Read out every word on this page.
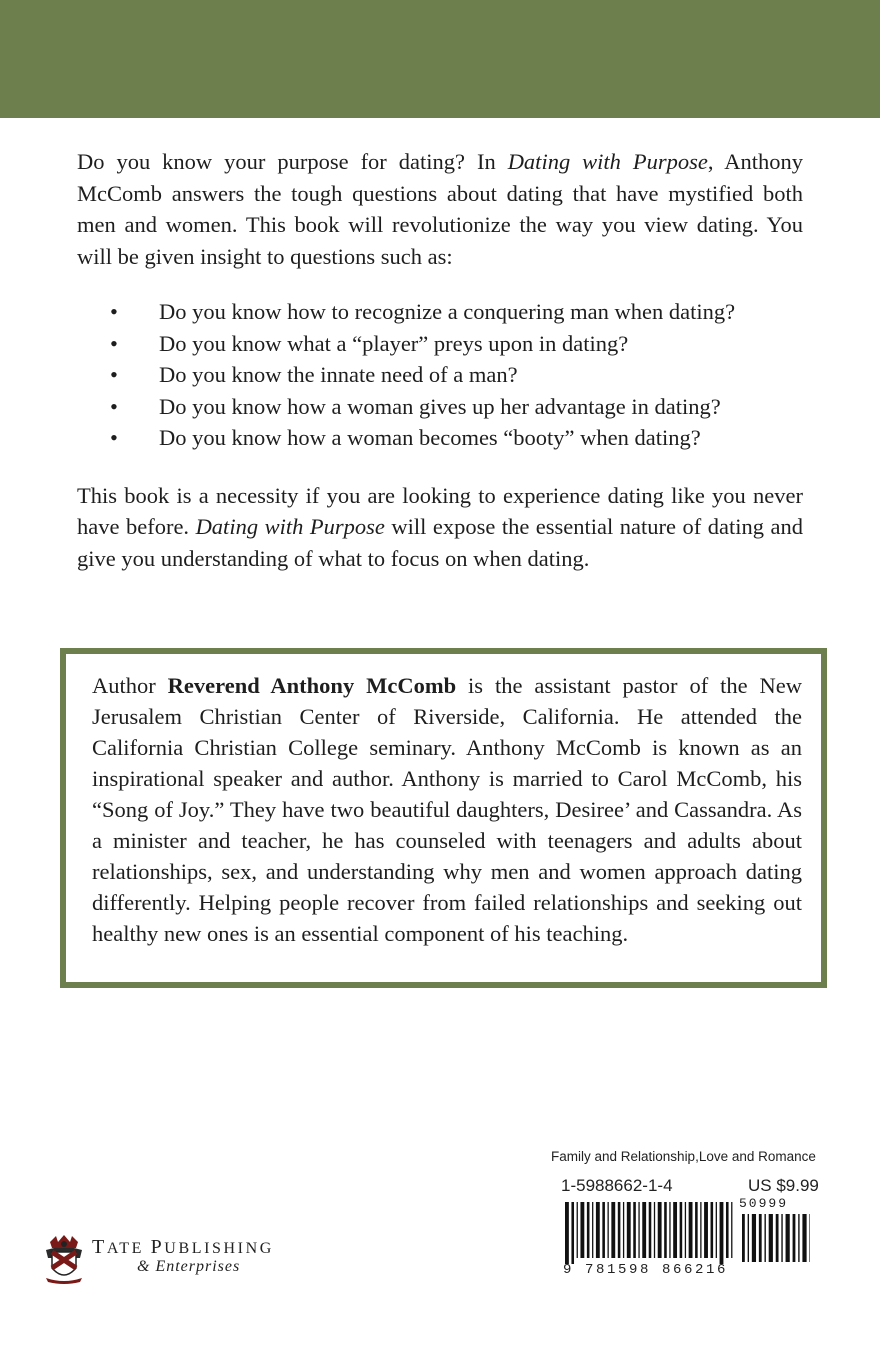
Do you know your purpose for dating? In Dating with Purpose, Anthony McComb answers the tough questions about dating that have mystified both men and women. This book will revolutionize the way you view dating. You will be given insight to questions such as:

• Do you know how to recognize a conquering man when dating?
• Do you know what a “player” preys upon in dating?
• Do you know the innate need of a man?
• Do you know how a woman gives up her advantage in dating?
• Do you know how a woman becomes “booty” when dating?

This book is a necessity if you are looking to experience dating like you never have before. Dating with Purpose will expose the essential nature of dating and give you understanding of what to focus on when dating.

Author Reverend Anthony McComb is the assistant pastor of the New Jerusalem Christian Center of Riverside, California. He attended the California Christian College seminary. Anthony McComb is known as an inspirational speaker and author. Anthony is married to Carol McComb, his “Song of Joy.” They have two beautiful daughters, Desiree’ and Cassandra. As a minister and teacher, he has counseled with teenagers and adults about relationships, sex, and understanding why men and women approach dating differently. Helping people recover from failed relationships and seeking out healthy new ones is an essential component of his teaching.
Family and Relationship,Love and Romance
1-5988662-1-4	US $9.99
50999
9 781598 866216
TATE PUBLISHING
& Enterprises
